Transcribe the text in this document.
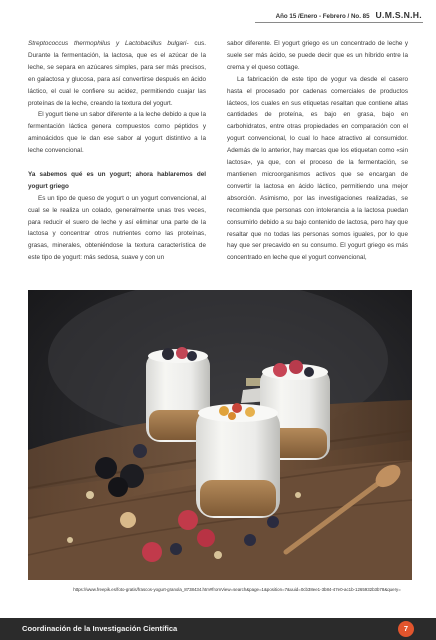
Año 15 /Enero - Febrero / No. 85 U.M.S.N.H.

Streptococcus thermophilus y Lactobacillus bulgari- cus. Durante la fermentación, la lactosa, que es el azúcar de la leche, se separa en azúcares simples, para ser más precisos, en galactosa y glucosa, para así convertirse después en ácido láctico, el cual le confiere su acidez, permitiendo cuajar las proteínas de la leche, creando la textura del yogurt.

El yogurt tiene un sabor diferente a la leche debido a que la fermentación láctica genera compuestos como péptidos y aminoácidos que le dan ese sabor al yogurt distintivo a la leche convencional.

Ya sabemos qué es un yogurt; ahora hablaremos del yogurt griego

Es un tipo de queso de yogurt o un yogurt convencional, al cual se le realiza un colado, generalmente unas tres veces, para reducir el suero de leche y así eliminar una parte de la lactosa y concentrar otros nutrientes como las proteínas, grasas, minerales, obteniéndose la textura característica de este tipo de yogurt: más sedosa, suave y con un

sabor diferente. El yogurt griego es un concentrado de leche y suele ser más ácido, se puede decir que es un híbrido entre la crema y el queso cottage.

La fabricación de este tipo de yogur va desde el casero hasta el procesado por cadenas comerciales de productos lácteos, los cuales en sus etiquetas resaltan que contiene altas cantidades de proteína, es bajo en grasa, bajo en carbohidratos, entre otras propiedades en comparación con el yogurt convencional, lo cual lo hace atractivo al consumidor. Además de lo anterior, hay marcas que los etiquetan como «sin lactosa», ya que, con el proceso de la fermentación, se mantienen microorganismos activos que se encargan de convertir la lactosa en ácido láctico, permitiendo una mejor absorción. Asimismo, por las investigaciones realizadas, se recomienda que personas con intolerancia a la lactosa puedan consumirlo debido a su bajo contenido de lactosa, pero hay que resaltar que no todas las personas somos iguales, por lo que hay que ser precavido en su consumo. El yogurt griego es más concentrado en leche que el yogurt convencional,

https://www.freepik.es/foto-gratis/frascos-yogurt-granola_8738434.htm#fromView=search&page=1&position=7&uuid=0cb38ee1-3b84-47e0-ac1b-1265932b3b78&query=
Coordinación de la Investigación Científica	7
